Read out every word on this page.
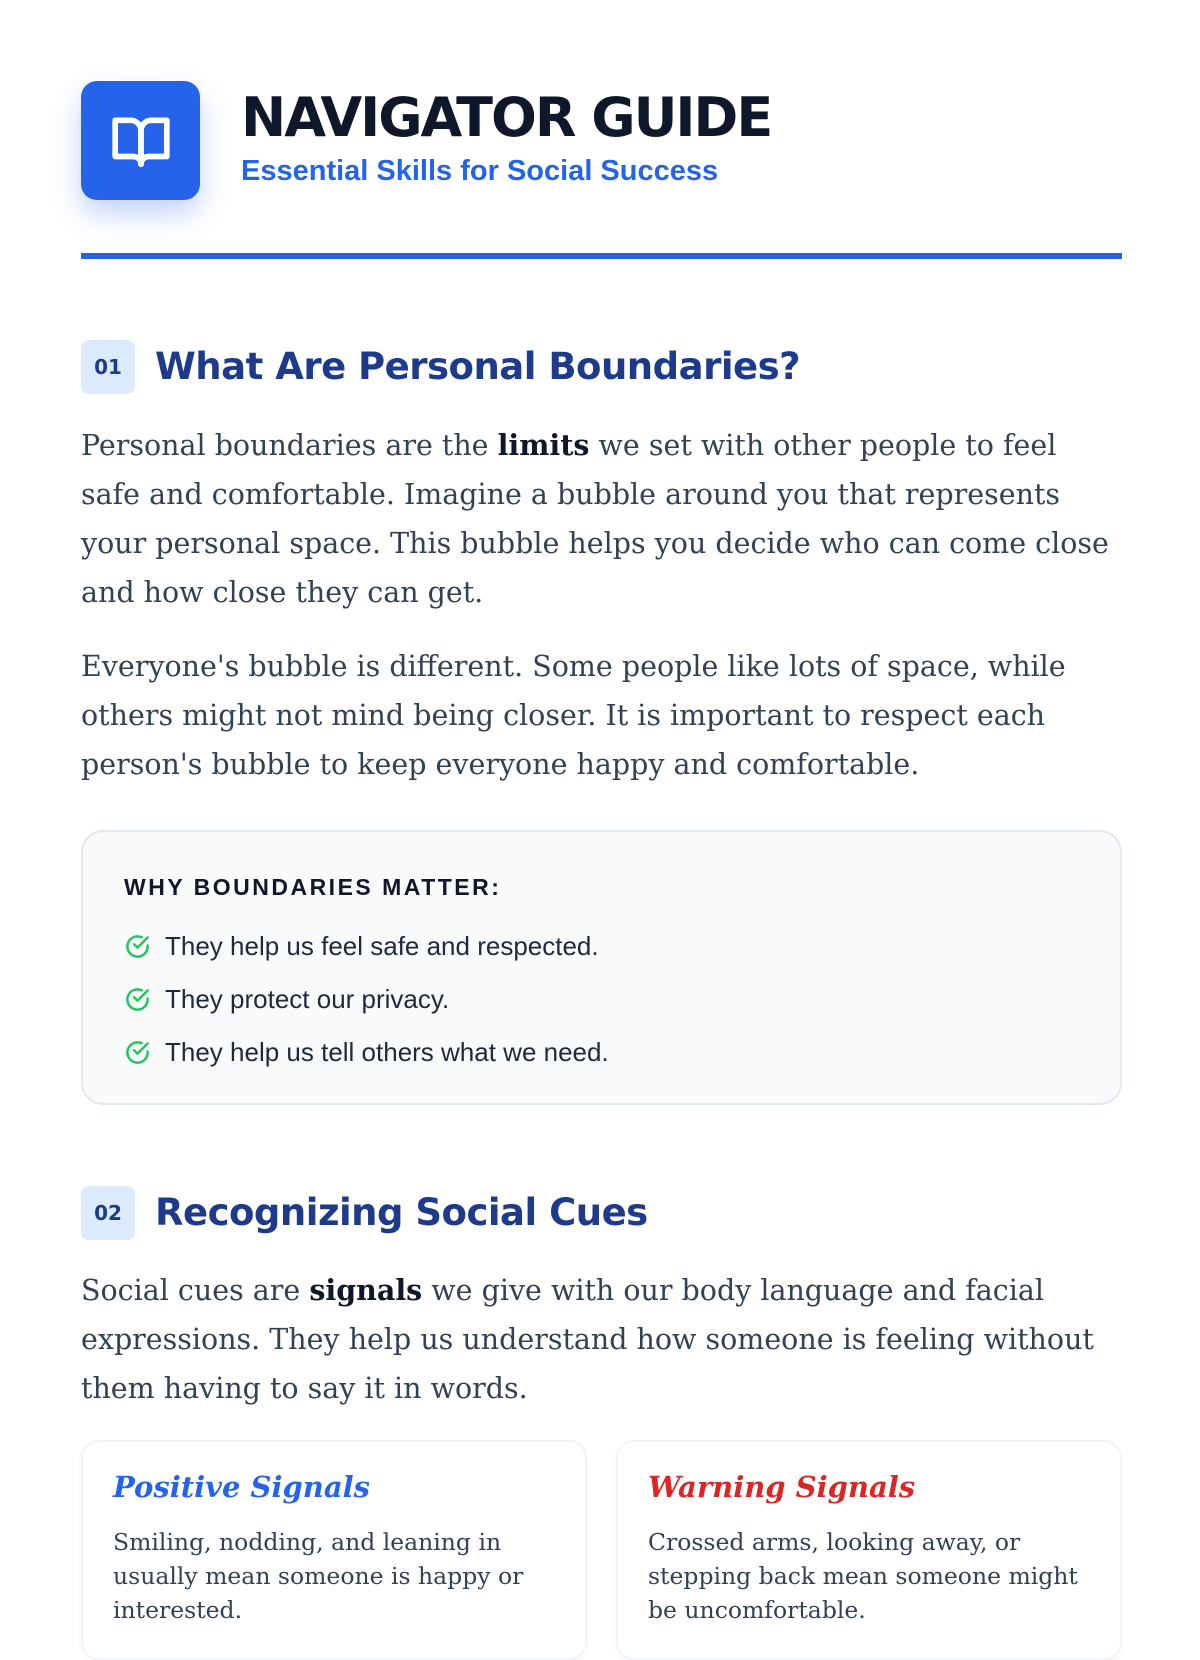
NAVIGATOR GUIDE
Essential Skills for Social Success
01 What Are Personal Boundaries?

Personal boundaries are the limits we set with other people to feel safe and comfortable. Imagine a bubble around you that represents your personal space. This bubble helps you decide who can come close and how close they can get.

Everyone's bubble is different. Some people like lots of space, while others might not mind being closer. It is important to respect each person's bubble to keep everyone happy and comfortable.

WHY BOUNDARIES MATTER:
They help us feel safe and respected.
They protect our privacy.
They help us tell others what we need.
02 Recognizing Social Cues

Social cues are signals we give with our body language and facial expressions. They help us understand how someone is feeling without them having to say it in words.

Positive Signals

Smiling, nodding, and leaning in usually mean someone is happy or interested.

Warning Signals

Crossed arms, looking away, or stepping back mean someone might be uncomfortable.
